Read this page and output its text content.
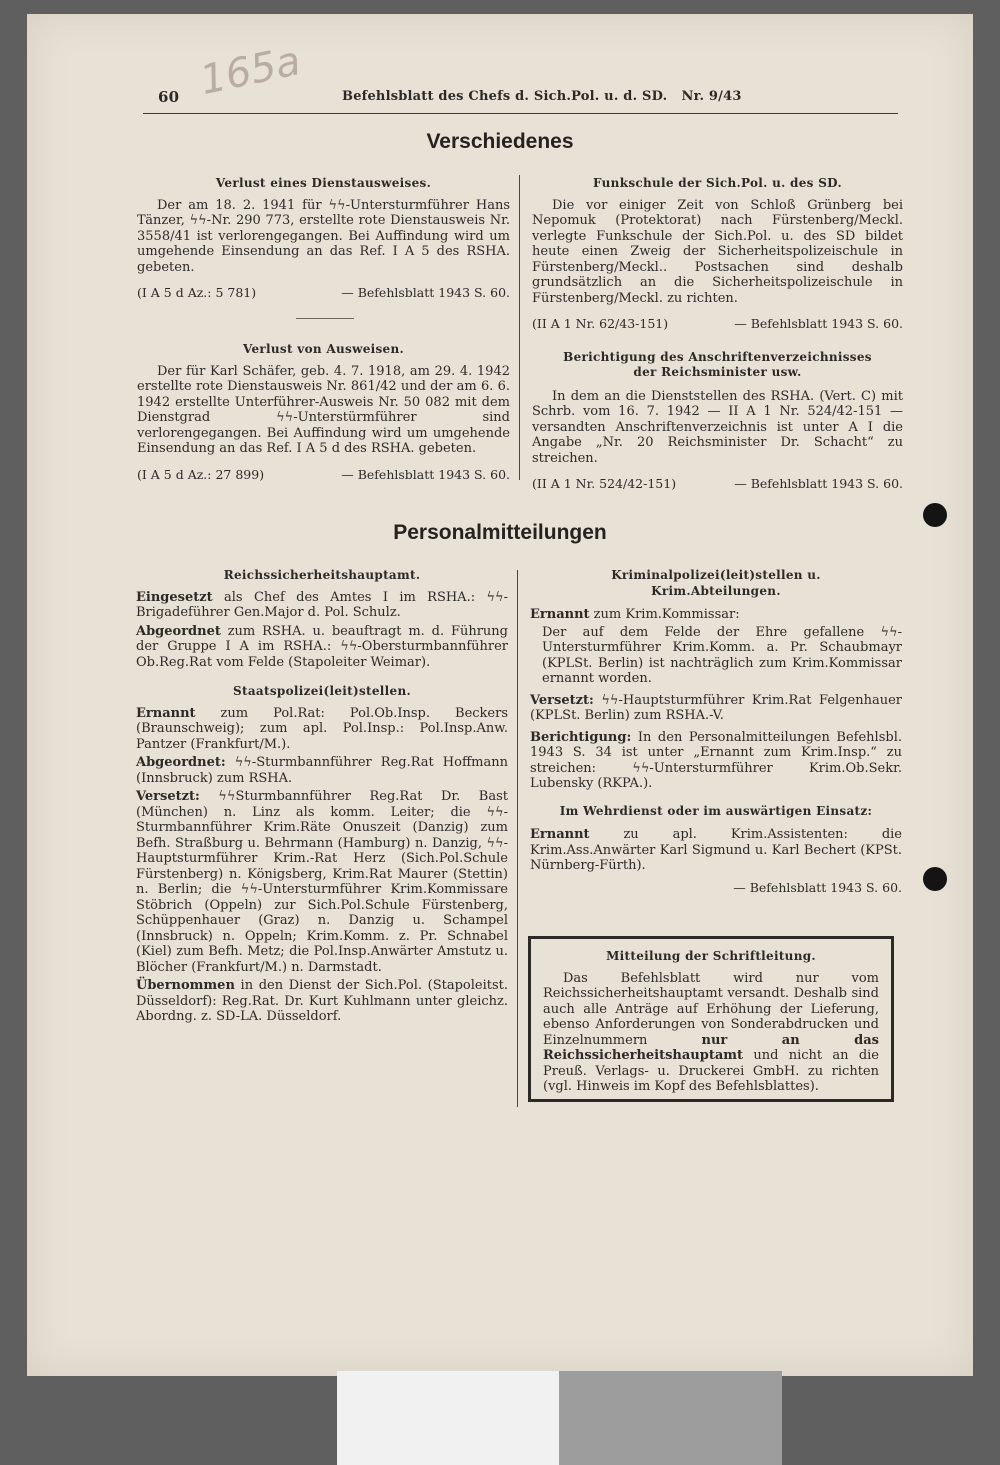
165a
60	Befehlsblatt des Chefs d. Sich.Pol. u. d. SD.   Nr. 9/43
Verschiedenes

Verlust eines Dienstausweises.

Der am 18. 2. 1941 für ϟϟ-Untersturmführer Hans Tänzer, ϟϟ-Nr. 290 773, erstellte rote Dienstausweis Nr. 3558/41 ist verlorengegangen. Bei Auffindung wird um umgehende Einsendung an das Ref. I A 5 des RSHA. gebeten.

(I A 5 d Az.: 5 781)	— Befehlsblatt 1943 S. 60.

Verlust von Ausweisen.

Der für Karl Schäfer, geb. 4. 7. 1918, am 29. 4. 1942 erstellte rote Dienstausweis Nr. 861/42 und der am 6. 6. 1942 erstellte Unterführer-Ausweis Nr. 50 082 mit dem Dienstgrad ϟϟ-Unterstürmführer sind verlorengegangen. Bei Auffindung wird um umgehende Einsendung an das Ref. I A 5 d des RSHA. gebeten.

(I A 5 d Az.: 27 899)	— Befehlsblatt 1943 S. 60.

Funkschule der Sich.Pol. u. des SD.

Die vor einiger Zeit von Schloß Grünberg bei Nepomuk (Protektorat) nach Fürstenberg/Meckl. verlegte Funkschule der Sich.Pol. u. des SD bildet heute einen Zweig der Sicherheitspolizeischule in Fürstenberg/Meckl.. Postsachen sind deshalb grundsätzlich an die Sicherheitspolizeischule in Fürstenberg/Meckl. zu richten.

(II A 1 Nr. 62/43-151)	— Befehlsblatt 1943 S. 60.

Berichtigung des Anschriftenverzeichnisses der Reichsminister usw.

In dem an die Dienststellen des RSHA. (Vert. C) mit Schrb. vom 16. 7. 1942 — II A 1 Nr. 524/42-151 — versandten Anschriftenverzeichnis ist unter A I die Angabe „Nr. 20 Reichsminister Dr. Schacht“ zu streichen.

(II A 1 Nr. 524/42-151)	— Befehlsblatt 1943 S. 60.
Personalmitteilungen

Reichssicherheitshauptamt.

Eingesetzt als Chef des Amtes I im RSHA.: ϟϟ-Brigadeführer Gen.Major d. Pol. Schulz.

Abgeordnet zum RSHA. u. beauftragt m. d. Führung der Gruppe I A im RSHA.: ϟϟ-Obersturmbannführer Ob.Reg.Rat vom Felde (Stapoleiter Weimar).

Staatspolizei(leit)stellen.

Ernannt zum Pol.Rat: Pol.Ob.Insp. Beckers (Braunschweig); zum apl. Pol.Insp.: Pol.Insp.Anw. Pantzer (Frankfurt/M.).

Abgeordnet: ϟϟ-Sturmbannführer Reg.Rat Hoffmann (Innsbruck) zum RSHA.

Versetzt: ϟϟSturmbannführer Reg.Rat Dr. Bast (München) n. Linz als komm. Leiter; die ϟϟ-Sturmbannführer Krim.Räte Onuszeit (Danzig) zum Befh. Straßburg u. Behrmann (Hamburg) n. Danzig, ϟϟ-Hauptsturmführer Krim.-Rat Herz (Sich.Pol.Schule Fürstenberg) n. Königsberg, Krim.Rat Maurer (Stettin) n. Berlin; die ϟϟ-Untersturmführer Krim.Kommissare Stöbrich (Oppeln) zur Sich.Pol.Schule Fürstenberg, Schüppenhauer (Graz) n. Danzig u. Schampel (Innsbruck) n. Oppeln; Krim.Komm. z. Pr. Schnabel (Kiel) zum Befh. Metz; die Pol.Insp.Anwärter Amstutz u. Blöcher (Frankfurt/M.) n. Darmstadt.

Übernommen in den Dienst der Sich.Pol. (Stapoleitst. Düsseldorf): Reg.Rat. Dr. Kurt Kuhlmann unter gleichz. Abordng. z. SD-LA. Düsseldorf.

Kriminalpolizei(leit)stellen u. Krim.Abteilungen.

Ernannt zum Krim.Kommissar:

Der auf dem Felde der Ehre gefallene ϟϟ-Untersturmführer Krim.Komm. a. Pr. Schaubmayr (KPLSt. Berlin) ist nachträglich zum Krim.Kommissar ernannt worden.

Versetzt: ϟϟ-Hauptsturmführer Krim.Rat Felgenhauer (KPLSt. Berlin) zum RSHA.-V.

Berichtigung: In den Personalmitteilungen Befehlsbl. 1943 S. 34 ist unter „Ernannt zum Krim.Insp.“ zu streichen: ϟϟ-Untersturmführer Krim.Ob.Sekr. Lubensky (RKPA.).

Im Wehrdienst oder im auswärtigen Einsatz:

Ernannt zu apl. Krim.Assistenten: die Krim.Ass.Anwärter Karl Sigmund u. Karl Bechert (KPSt. Nürnberg-Fürth).

— Befehlsblatt 1943 S. 60.

Mitteilung der Schriftleitung.

Das Befehlsblatt wird nur vom Reichssicherheitshauptamt versandt. Deshalb sind auch alle Anträge auf Erhöhung der Lieferung, ebenso Anforderungen von Sonderabdrucken und Einzelnummern nur an das Reichssicherheitshauptamt und nicht an die Preuß. Verlags- u. Druckerei GmbH. zu richten (vgl. Hinweis im Kopf des Befehlsblattes).
